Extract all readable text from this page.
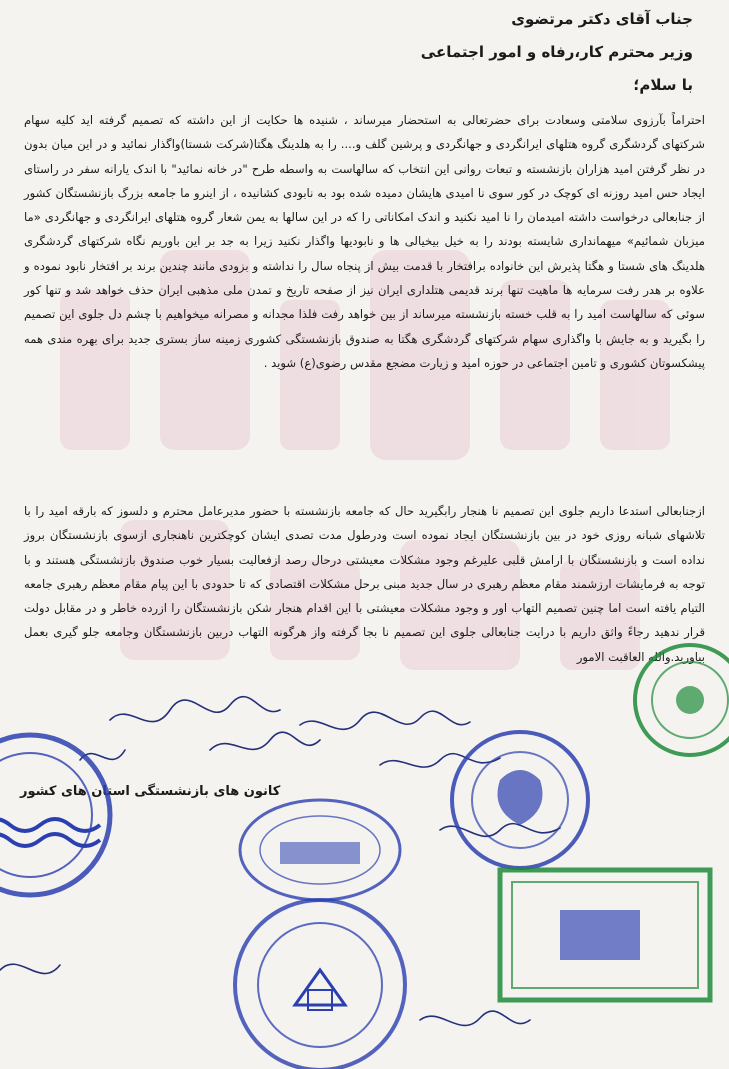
جناب آقای دکتر مرتضوی
وزیر محترم کار،رفاه و امور اجتماعی
با سلام؛

احتراماً بآرزوی سلامتی وسعادت برای حضرتعالی به استحضار میرساند ، شنیده ها حکایت از این داشته که تصمیم گرفته اید کلیه سهام شرکتهای گردشگری گروه هتلهای ایرانگردی و جهانگردی و پرشین گلف و.... را به هلدینگ هگتا(شرکت شستا)واگذار نمائید و در این میان بدون در نظر گرفتن امید هزاران بازنشسته و تبعات روانی این انتخاب که سالهاست به واسطه طرح "در خانه نمائید" با اندک یارانه سفر در راستای ایجاد حس امید روزنه ای کوچک در کور سوی نا امیدی هایشان دمیده شده بود به نابودی کشانیده ، از اینرو ما جامعه بزرگ بازنشستگان کشور از جنابعالی درخواست داشته امیدمان را نا امید نکنید و اندک امکاناتی را که در این سالها به یمن شعار گروه هتلهای ایرانگردی و جهانگردی «ما میزبان شمائیم» میهمانداری شایسته بودند را به خیل بیخیالی ها و نابودیها واگذار نکنید زیرا به جد بر این باوریم نگاه شرکتهای گردشگری هلدینگ های شستا و هگتا پذیرش این خانواده برافتخار با قدمت بیش از پنجاه سال را نداشته و بزودی مانند چندین برند بر افتخار نابود نموده و علاوه بر هدر رفت سرمایه ها ماهیت تنها برند قدیمی هتلداری ایران نیز از صفحه تاریخ و تمدن ملی مذهبی ایران حذف خواهد شد و تنها کور سوئی که سالهاست امید را به قلب خسته بازنشسته میرساند از بین خواهد رفت فلذا مجدانه و مصرانه میخواهیم با چشم دل جلوی این تصمیم را بگیرید و به جایش با واگذاری سهام شرکتهای گردشگری هگتا به صندوق بازنشستگی کشوری زمینه ساز بستری جدید برای بهره مندی همه پیشکسوتان کشوری و تامین اجتماعی در حوزه امید و زیارت مضجع مقدس رضوی(ع) شوید .

ازجنابعالی استدعا داریم جلوی این تصمیم نا هنجار رابگیرید حال که جامعه بازنشسته با حضور مدیرعامل محترم و دلسوز که بارقه امید را با تلاشهای شبانه روزی خود در بین بازنشستگان ایجاد نموده است ودرطول مدت تصدی ایشان کوچکترین ناهنجاری ازسوی بازنشستگان بروز نداده است و بازنشستگان با ارامش قلبی علیرغم وجود مشکلات معیشتی درحال رصد ازفعالیت بسیار خوب صندوق بازنشستگی هستند و با توجه به فرمایشات ارزشمند مقام معظم رهبری در سال جدید مبنی برحل مشکلات اقتصادی که تا حدودی با این پیام مقام معظم رهبری جامعه التیام یافته است اما چنین تصمیم التهاب اور و وجود مشکلات معیشتی با این اقدام هنجار شکن بازنشستگان را ازرده خاطر و در مقابل دولت قرار ندهید رجاءً واثق داریم با درایت جنابعالی جلوی این تصمیم نا بجا گرفته واز هرگونه التهاب دربین بازنشستگان وجامعه جلو گیری بعمل بیاورید.والله العاقبت الامور

کانون های بازنشستگی استان های کشور
